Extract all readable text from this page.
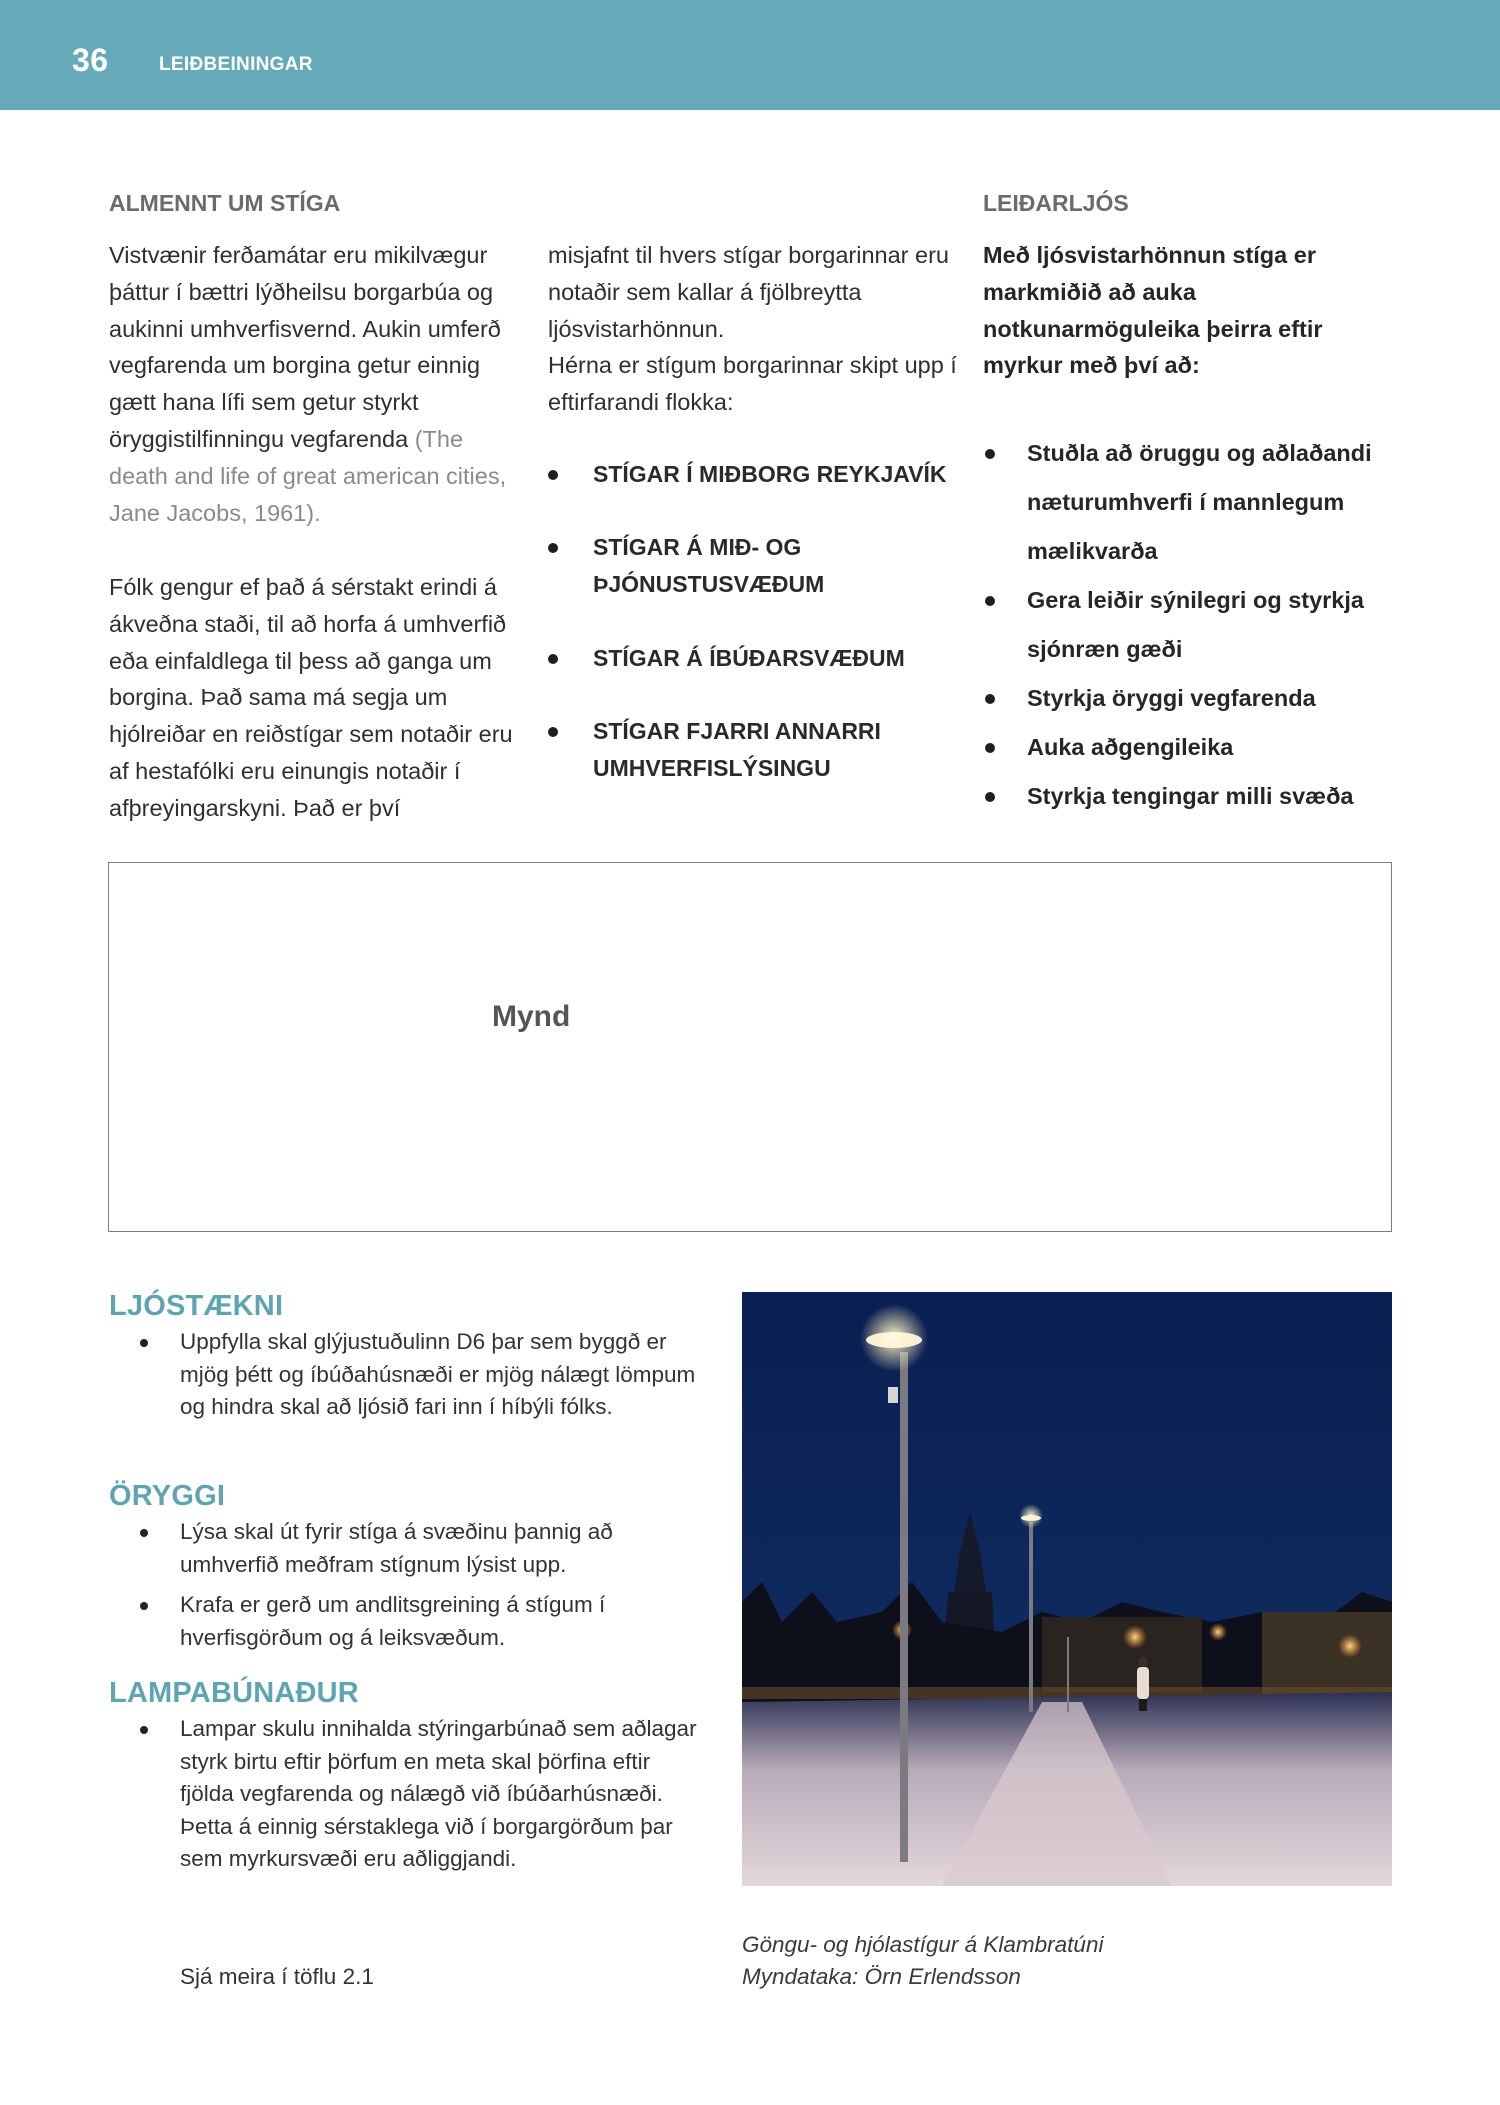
36	LEIÐBEININGAR
ALMENNT UM STÍGA

Vistvænir ferðamátar eru mikilvægur þáttur í bættri lýðheilsu borgarbúa og aukinni umhverfisvernd. Aukin umferð vegfarenda um borgina getur einnig gætt hana lífi sem getur styrkt öryggistilfinningu vegfarenda (The death and life of great american cities, Jane Jacobs, 1961).

Fólk gengur ef það á sérstakt erindi á ákveðna staði, til að horfa á umhverfið eða einfaldlega til þess að ganga um borgina. Það sama má segja um hjólreiðar en reiðstígar sem notaðir eru af hestafólki eru einungis notaðir í afþreyingarskyni. Það er því

misjafnt til hvers stígar borgarinnar eru notaðir sem kallar á fjölbreytta ljósvistarhönnun.
Hérna er stígum borgarinnar skipt upp í eftirfarandi flokka:
STÍGAR Í MIÐBORG REYKJAVÍK
STÍGAR Á MIÐ- OG ÞJÓNUSTUSVÆÐUM
STÍGAR Á ÍBÚÐARSVÆÐUM
STÍGAR FJARRI ANNARRI UMHVERFISLÝSINGU
LEIÐARLJÓS

Með ljósvistarhönnun stíga er markmiðið að auka notkunarmöguleika þeirra eftir myrkur með því að:

Stuðla að öruggu og aðlaðandi næturumhverfi í mannlegum mælikvarða
Gera leiðir sýnilegri og styrkja sjónræn gæði
Styrkja öryggi vegfarenda
Auka aðgengileika
Styrkja tengingar milli svæða
Mynd
LJÓSTÆKNI
Uppfylla skal glýjustuðulinn D6 þar sem byggð er mjög þétt og íbúðahúsnæði er mjög nálægt lömpum og hindra skal að ljósið fari inn í híbýli fólks.
ÖRYGGI
Lýsa skal út fyrir stíga á svæðinu þannig að umhverfið meðfram stígnum lýsist upp.
Krafa er gerð um andlitsgreining á stígum í hverfisgörðum og á leiksvæðum.
LAMPABÚNAÐUR
Lampar skulu innihalda stýringarbúnað sem aðlagar styrk birtu eftir þörfum en meta skal þörfina eftir fjölda vegfarenda og nálægð við íbúðarhúsnæði. Þetta á einnig sérstaklega við í borgargörðum þar sem myrkursvæði eru aðliggjandi.
Sjá meira í töflu 2.1
Göngu- og hjólastígur á Klambratúni
Myndataka: Örn Erlendsson
